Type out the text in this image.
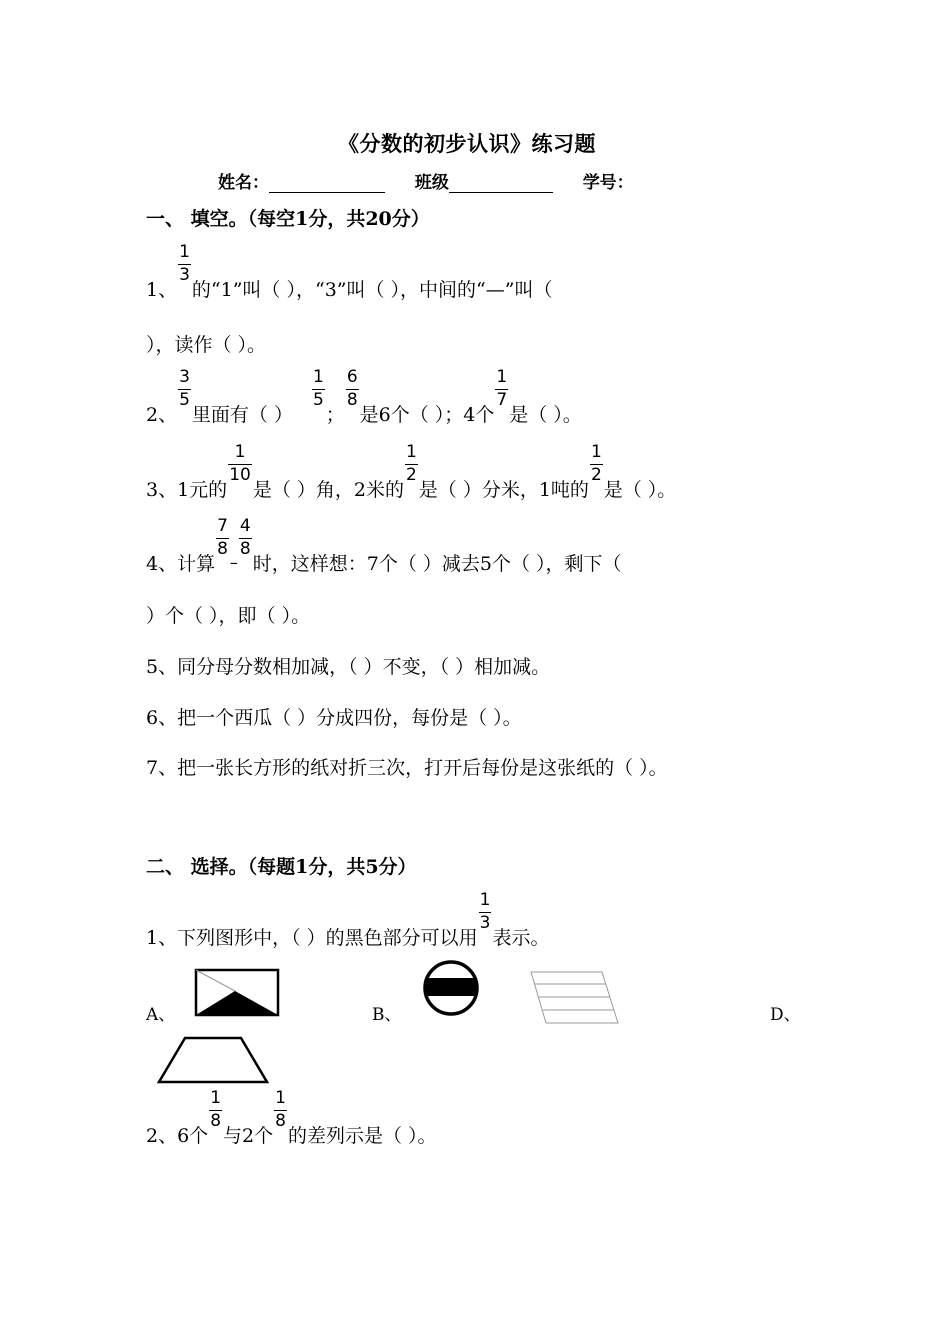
《分数的初步认识》练习题
姓名：	班级	学号：
一、 填空。（每空1分，共20分）
1、
$\frac{1}{3}$
的“1”叫（ ），“3”叫（ ），中间的“—”叫（
），读作（ ）。
2、
$\frac{3}{5}$
里面有（ ）
$\frac{1}{5}$
；
$\frac{6}{8}$
是6个（ ）；4个
$\frac{1}{7}$
是（ ）。
3、1元的
$\frac{1}{10}$
是（ ）角，2米的
$\frac{1}{2}$
是（ ）分米，1吨的
$\frac{1}{2}$
是（ ）。
4、计算
$\frac{7}{8}$
–
$\frac{4}{8}$
时，这样想：7个（ ）减去5个（ ），剩下（
）个（ ），即（ ）。
5、同分母分数相加减，（ ）不变，（ ）相加减。
6、把一个西瓜（ ）分成四份，每份是（ ）。
7、把一张长方形的纸对折三次，打开后每份是这张纸的（ ）。
二、 选择。（每题1分，共5分）
1、下列图形中，（ ）的黑色部分可以用
$\frac{1}{3}$
表示。
A、	B、	D、
2、6个
$\frac{1}{8}$
与2个
$\frac{1}{8}$
的差列示是（ ）。
